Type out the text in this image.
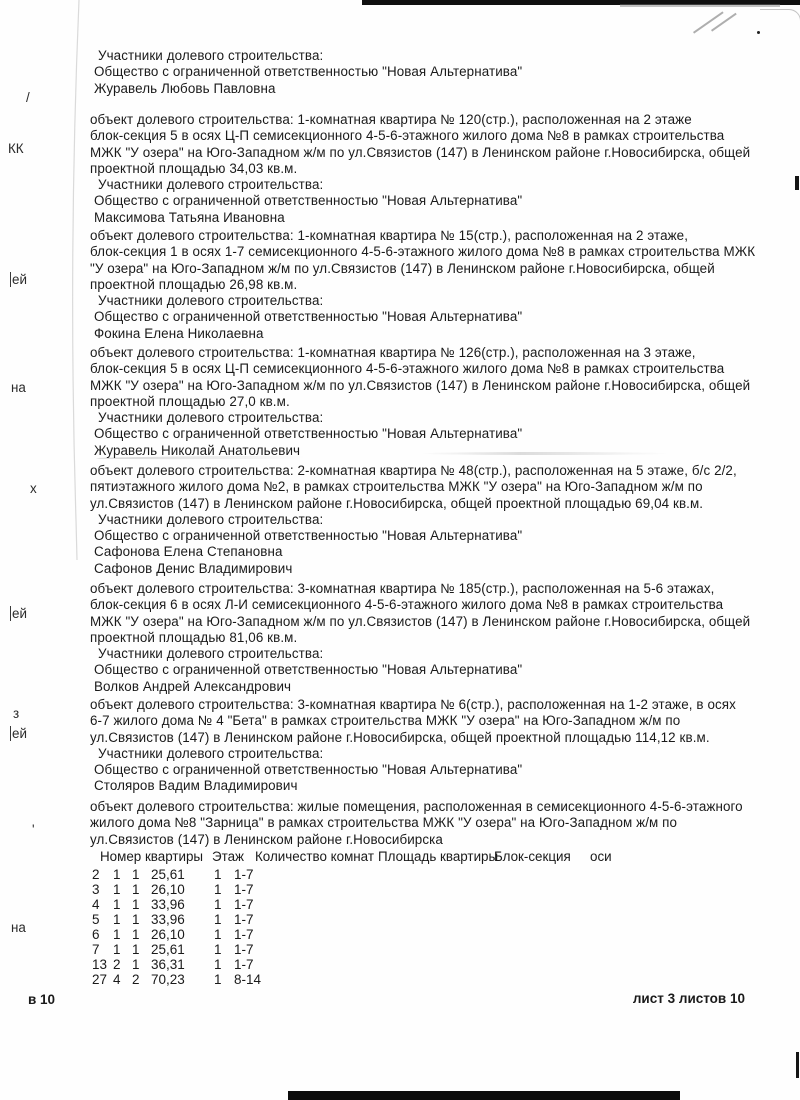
Участники долевого строительства:
Общество с ограниченной ответственностью "Новая Альтернатива"
Журавель Любовь Павловна
объект долевого строительства: 1-комнатная квартира № 120(стр.), расположенная на 2 этаже
блок-секция 5 в осях Ц-П семисекционного 4-5-6-этажного жилого дома №8 в рамках строительства
МЖК "У озера" на Юго-Западном ж/м по ул.Связистов (147) в Ленинском районе г.Новосибирска, общей
проектной площадью 34,03 кв.м.
Участники долевого строительства:
Общество с ограниченной ответственностью "Новая Альтернатива"
Максимова Татьяна Ивановна
объект долевого строительства: 1-комнатная квартира № 15(стр.), расположенная на 2 этаже,
блок-секция 1 в осях 1-7 семисекционного 4-5-6-этажного жилого дома №8 в рамках строительства МЖК
"У озера" на Юго-Западном ж/м по ул.Связистов (147) в Ленинском районе г.Новосибирска, общей
проектной площадью 26,98 кв.м.
Участники долевого строительства:
Общество с ограниченной ответственностью "Новая Альтернатива"
Фокина Елена Николаевна
объект долевого строительства: 1-комнатная квартира № 126(стр.), расположенная на 3 этаже,
блок-секция 5 в осях Ц-П семисекционного 4-5-6-этажного жилого дома №8 в рамках строительства
МЖК "У озера" на Юго-Западном ж/м по ул.Связистов (147) в Ленинском районе г.Новосибирска, общей
проектной площадью 27,0 кв.м.
Участники долевого строительства:
Общество с ограниченной ответственностью "Новая Альтернатива"
Журавель Николай Анатольевич
объект долевого строительства: 2-комнатная квартира № 48(стр.), расположенная на 5 этаже, б/с 2/2,
пятиэтажного жилого дома №2, в рамках строительства МЖК "У озера" на Юго-Западном ж/м по
ул.Связистов (147) в Ленинском районе г.Новосибирска, общей проектной площадью 69,04 кв.м.
Участники долевого строительства:
Общество с ограниченной ответственностью "Новая Альтернатива"
Сафонова Елена Степановна
Сафонов Денис Владимирович
объект долевого строительства: 3-комнатная квартира № 185(стр.), расположенная на 5-6 этажах,
блок-секция 6 в осях Л-И семисекционного 4-5-6-этажного жилого дома №8 в рамках строительства
МЖК "У озера" на Юго-Западном ж/м по ул.Связистов (147) в Ленинском районе г.Новосибирска, общей
проектной площадью 81,06 кв.м.
Участники долевого строительства:
Общество с ограниченной ответственностью "Новая Альтернатива"
Волков Андрей Александрович
объект долевого строительства: 3-комнатная квартира № 6(стр.), расположенная на 1-2 этаже, в осях
6-7 жилого дома № 4 "Бета" в рамках строительства МЖК "У озера" на Юго-Западном ж/м по
ул.Связистов (147) в Ленинском районе г.Новосибирска, общей проектной площадью 114,12 кв.м.
Участники долевого строительства:
Общество с ограниченной ответственностью "Новая Альтернатива"
Столяров Вадим Владимирович
объект долевого строительства: жилые помещения, расположенная в семисекционного 4-5-6-этажного
жилого дома №8 "Зарница" в рамках строительства МЖК "У озера" на Юго-Западном ж/м по
ул.Связистов (147) в Ленинском районе г.Новосибирска
Номер квартиры Этаж Количество комнат Площадь квартиры
Блок-секция оси
2 1 1 25,61 1 1-7
3 1 1 26,10 1 1-7
4 1 1 33,96 1 1-7
5 1 1 33,96 1 1-7
6 1 1 26,10 1 1-7
7 1 1 25,61 1 1-7
13 2 1 36,31 1 1-7
27 4 2 70,23 1 8-14
в 10	лист 3 листов 10
/
КК
ей
на
х
ей
з
ей
'
на
